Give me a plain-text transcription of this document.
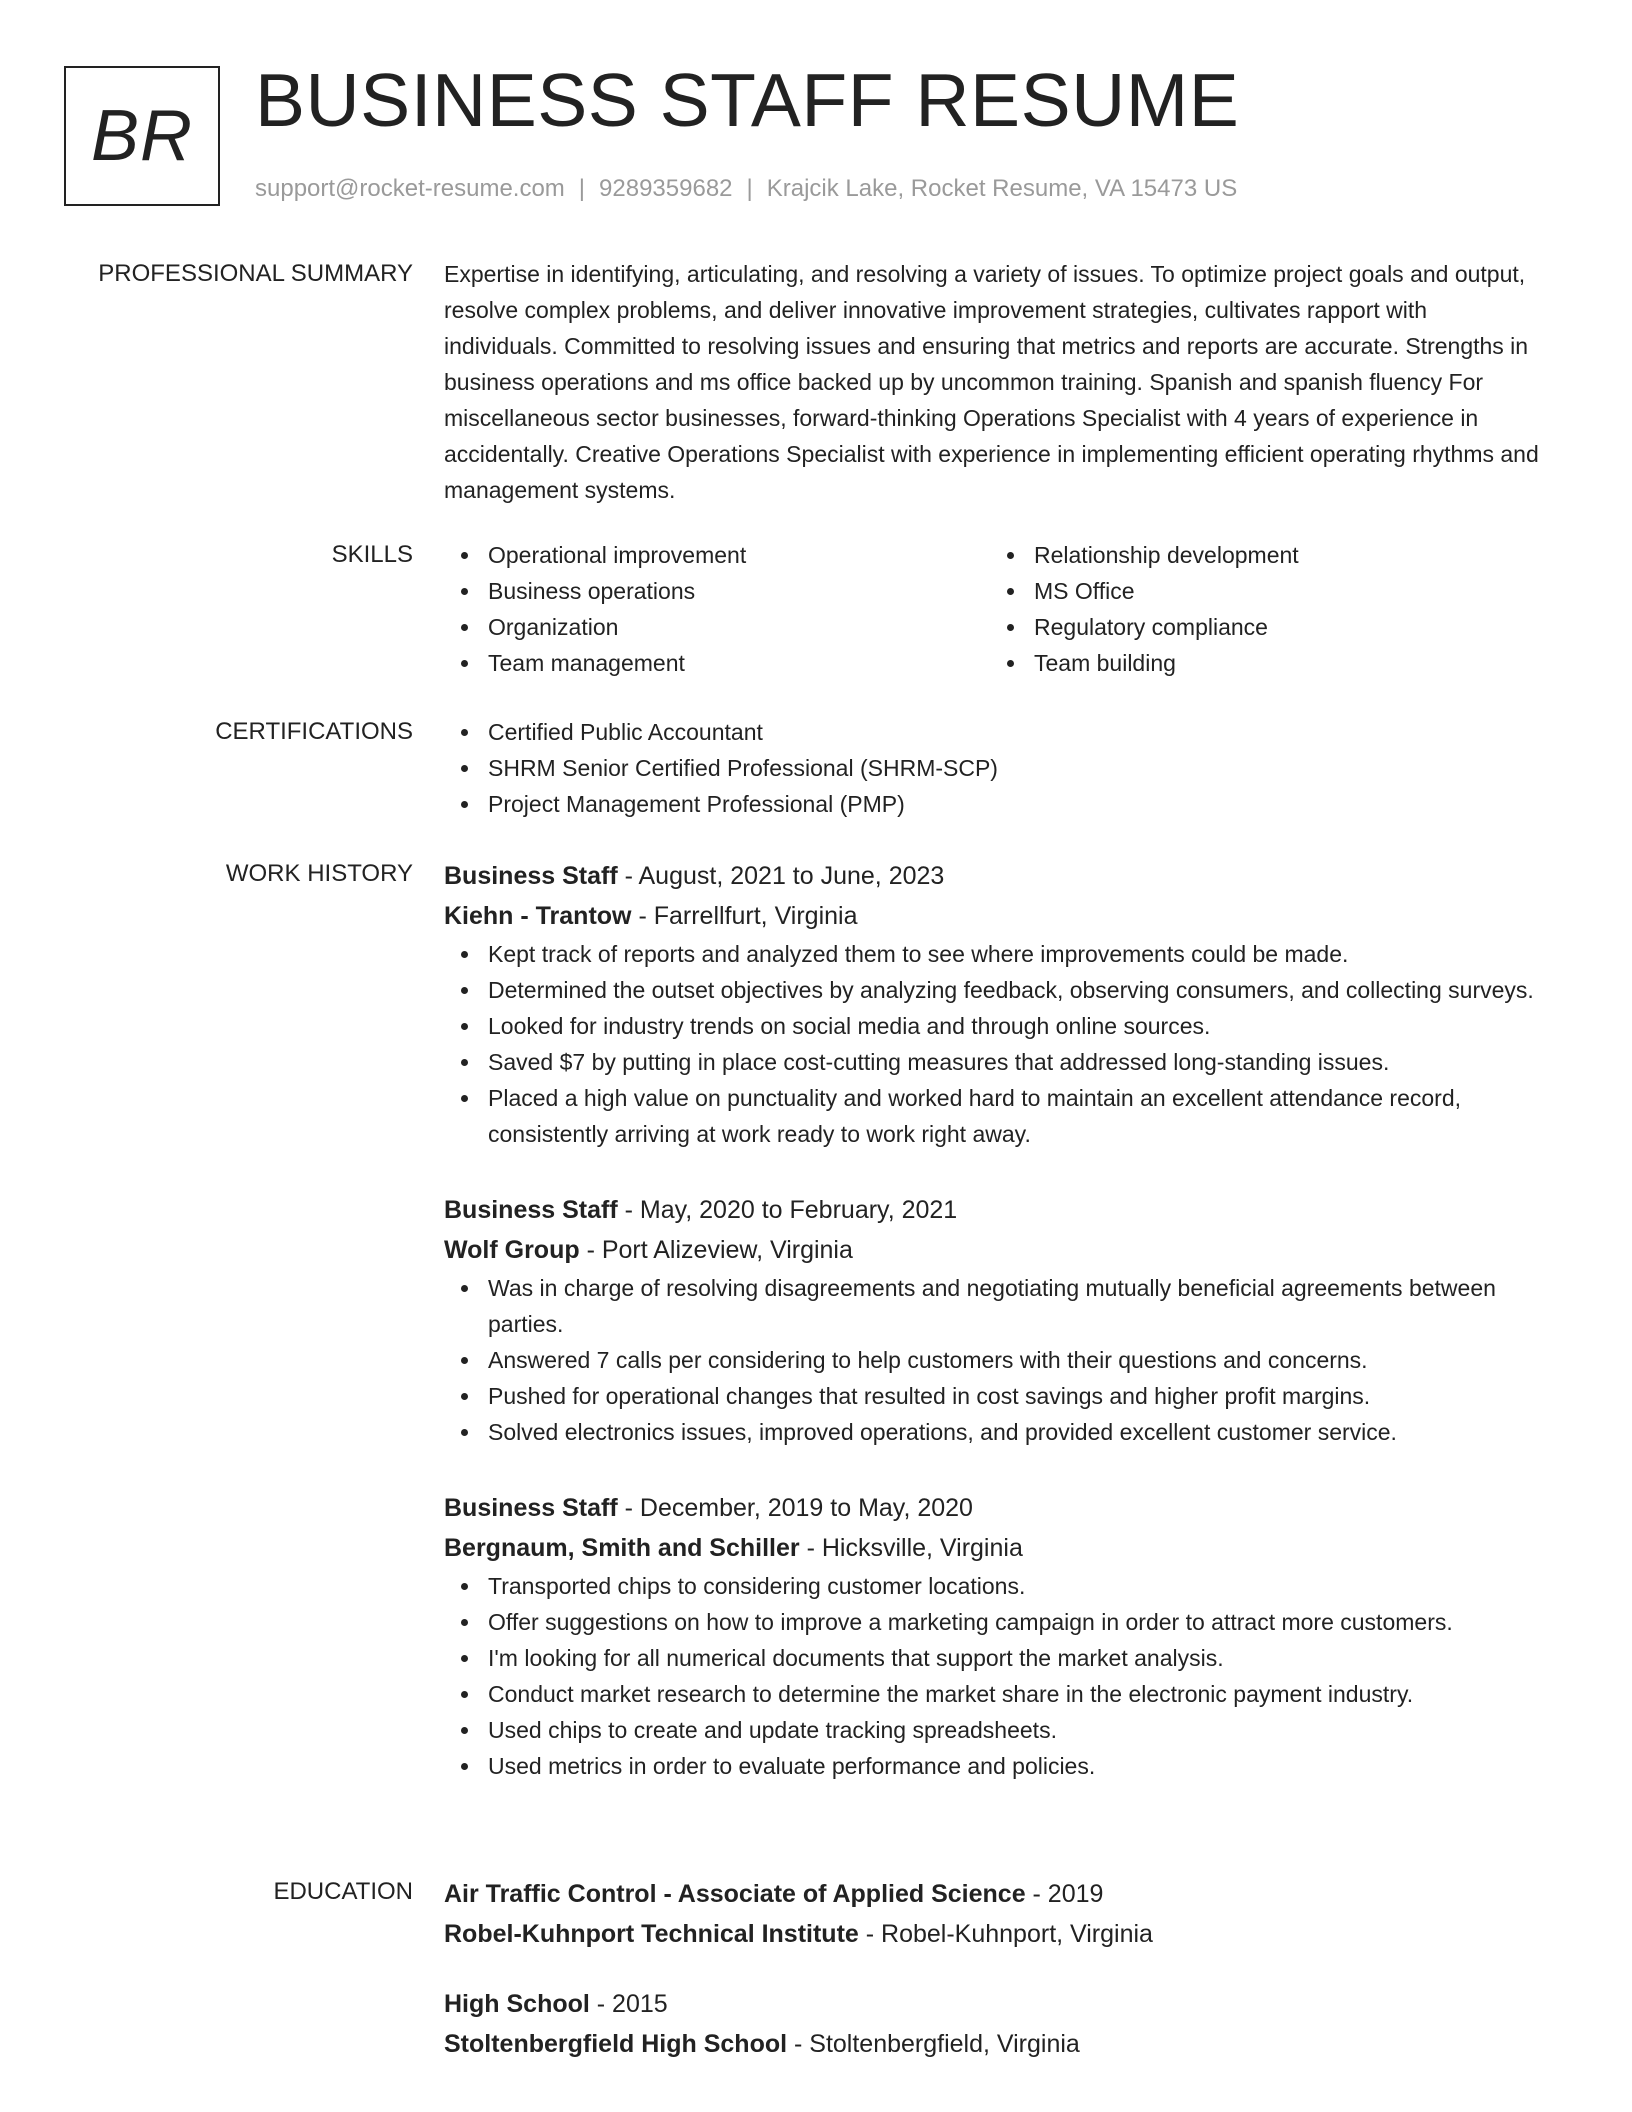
BR BUSINESS STAFF RESUME
support@rocket-resume.com | 9289359682 | Krajcik Lake, Rocket Resume, VA 15473 US
PROFESSIONAL SUMMARY Expertise in identifying, articulating, and resolving a variety of issues. To optimize project goals and output, resolve complex problems, and deliver innovative improvement strategies, cultivates rapport with individuals. Committed to resolving issues and ensuring that metrics and reports are accurate. Strengths in business operations and ms office backed up by uncommon training. Spanish and spanish fluency For miscellaneous sector businesses, forward-thinking Operations Specialist with 4 years of experience in accidentally. Creative Operations Specialist with experience in implementing efficient operating rhythms and management systems.

SKILLS	Operational improvement
Business operations
Organization
Team management
Relationship development
MS Office
Regulatory compliance
Team building
CERTIFICATIONS	Certified Public Accountant
SHRM Senior Certified Professional (SHRM-SCP)
Project Management Professional (PMP)
WORK HISTORY Business Staff - August, 2021 to June, 2023
Kiehn - Trantow - Farrellfurt, Virginia
Kept track of reports and analyzed them to see where improvements could be made.
Determined the outset objectives by analyzing feedback, observing consumers, and collecting surveys.
Looked for industry trends on social media and through online sources.
Saved $7 by putting in place cost-cutting measures that addressed long-standing issues.
Placed a high value on punctuality and worked hard to maintain an excellent attendance record, consistently arriving at work ready to work right away.
Business Staff - May, 2020 to February, 2021
Wolf Group - Port Alizeview, Virginia
Was in charge of resolving disagreements and negotiating mutually beneficial agreements between parties.
Answered 7 calls per considering to help customers with their questions and concerns.
Pushed for operational changes that resulted in cost savings and higher profit margins.
Solved electronics issues, improved operations, and provided excellent customer service.
Business Staff - December, 2019 to May, 2020
Bergnaum, Smith and Schiller - Hicksville, Virginia
Transported chips to considering customer locations.
Offer suggestions on how to improve a marketing campaign in order to attract more customers.
I'm looking for all numerical documents that support the market analysis.
Conduct market research to determine the market share in the electronic payment industry.
Used chips to create and update tracking spreadsheets.
Used metrics in order to evaluate performance and policies.
EDUCATION Air Traffic Control - Associate of Applied Science - 2019
Robel-Kuhnport Technical Institute - Robel-Kuhnport, Virginia
High School - 2015
Stoltenbergfield High School - Stoltenbergfield, Virginia
